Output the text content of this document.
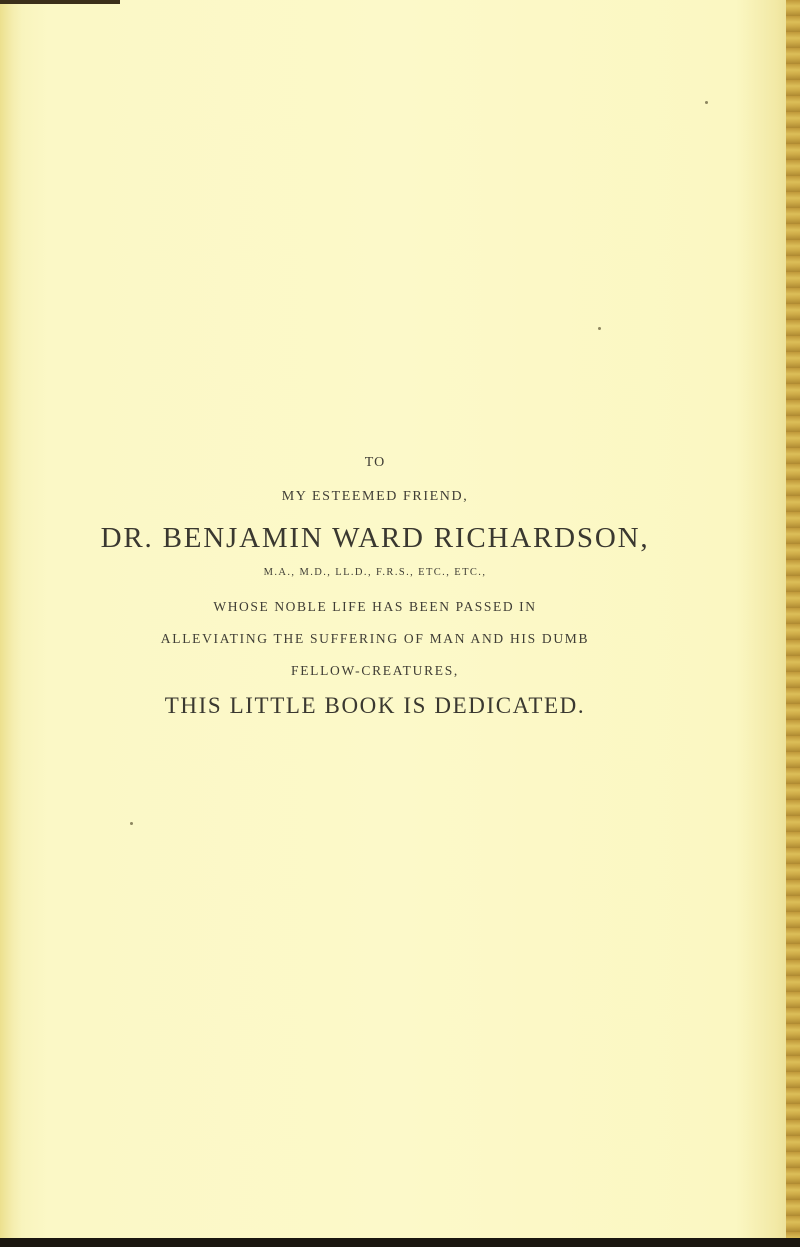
TO
MY ESTEEMED FRIEND,
DR. BENJAMIN WARD RICHARDSON,
M.A., M.D., LL.D., F.R.S., ETC., ETC.,
WHOSE NOBLE LIFE HAS BEEN PASSED IN
ALLEVIATING THE SUFFERING OF MAN AND HIS DUMB
FELLOW-CREATURES,
THIS LITTLE BOOK IS DEDICATED.
